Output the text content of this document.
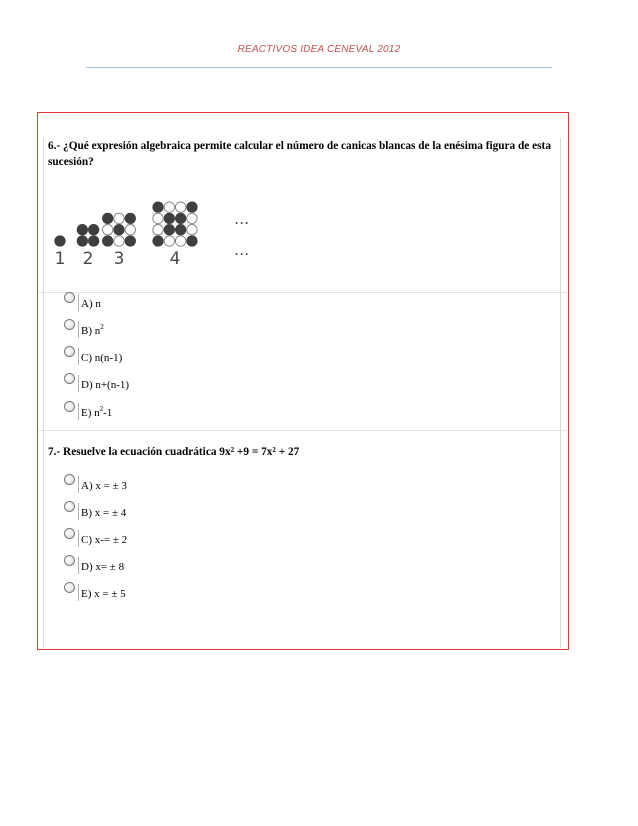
REACTIVOS IDEA CENEVAL 2012
6.- ¿Qué expresión algebraica permite calcular el número de canicas blancas de la enésima figura de esta sucesión?
1 2 3	4
...
...
A) n
B) $n^2$
C) n(n-1)
D) n+(n-1)
E) $n^2-1$
7.- Resuelve la ecuación cuadrática $9x^2 +9 = 7x^2 + 27$
A) x = ± 3
B) x = ± 4
C) x-= ± 2
D) x= ± 8
E) x = ± 5
